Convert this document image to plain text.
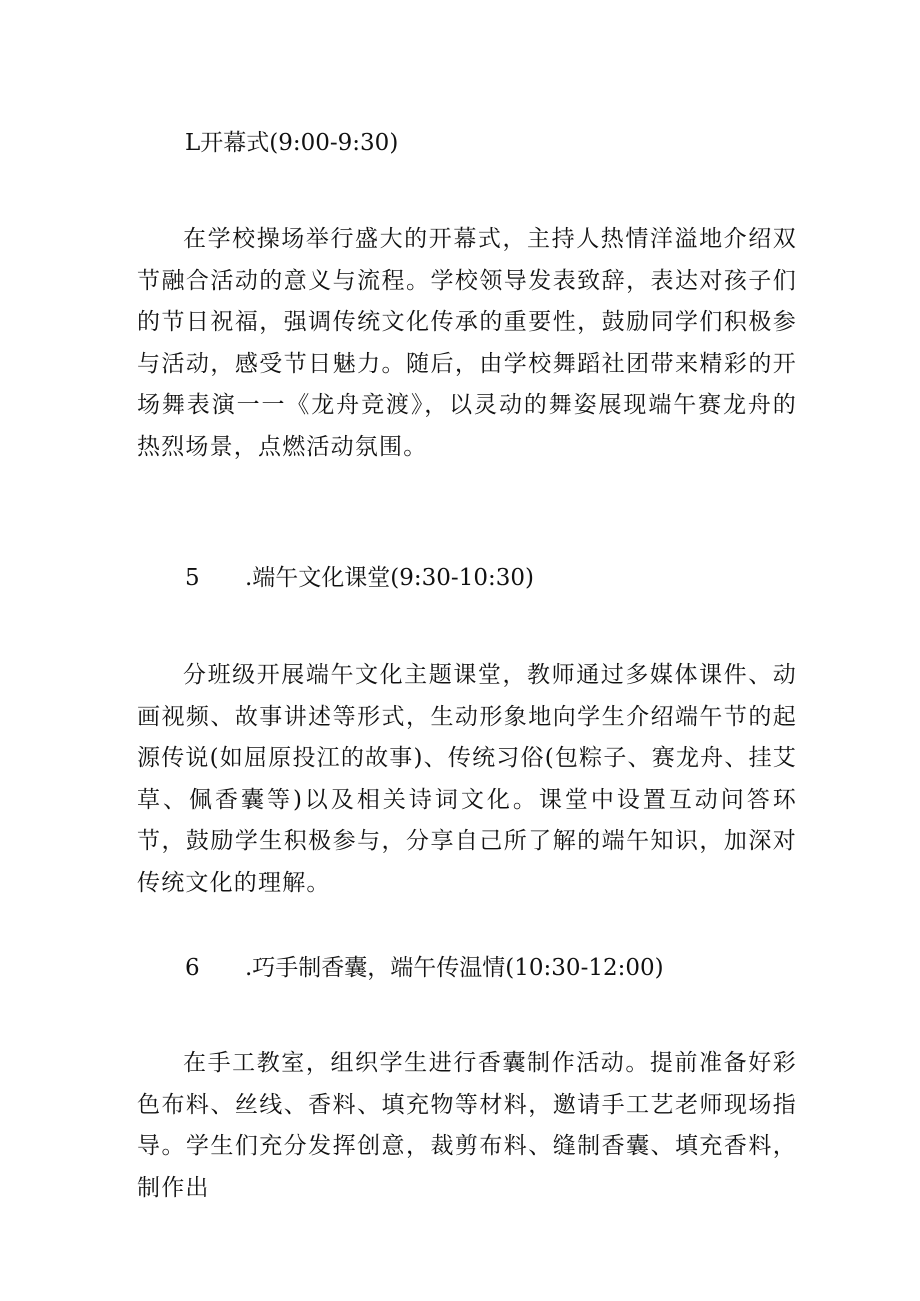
L开幕式(9:00-9:30)
在学校操场举行盛大的开幕式，主持人热情洋溢地介绍双节融合活动的意义与流程。学校领导发表致辞，表达对孩子们的节日祝福，强调传统文化传承的重要性，鼓励同学们积极参与活动，感受节日魅力。随后，由学校舞蹈社团带来精彩的开场舞表演一一《龙舟竞渡》，以灵动的舞姿展现端午赛龙舟的热烈场景，点燃活动氛围。
5 .端午文化课堂(9:30-10:30)
分班级开展端午文化主题课堂，教师通过多媒体课件、动画视频、故事讲述等形式，生动形象地向学生介绍端午节的起源传说(如屈原投江的故事)、传统习俗(包粽子、赛龙舟、挂艾草、佩香囊等)以及相关诗词文化。课堂中设置互动问答环节，鼓励学生积极参与，分享自己所了解的端午知识，加深对传统文化的理解。
6 .巧手制香囊，端午传温情(10:30-12:00)
在手工教室，组织学生进行香囊制作活动。提前准备好彩色布料、丝线、香料、填充物等材料，邀请手工艺老师现场指导。学生们充分发挥创意，裁剪布料、缝制香囊、填充香料，制作出
